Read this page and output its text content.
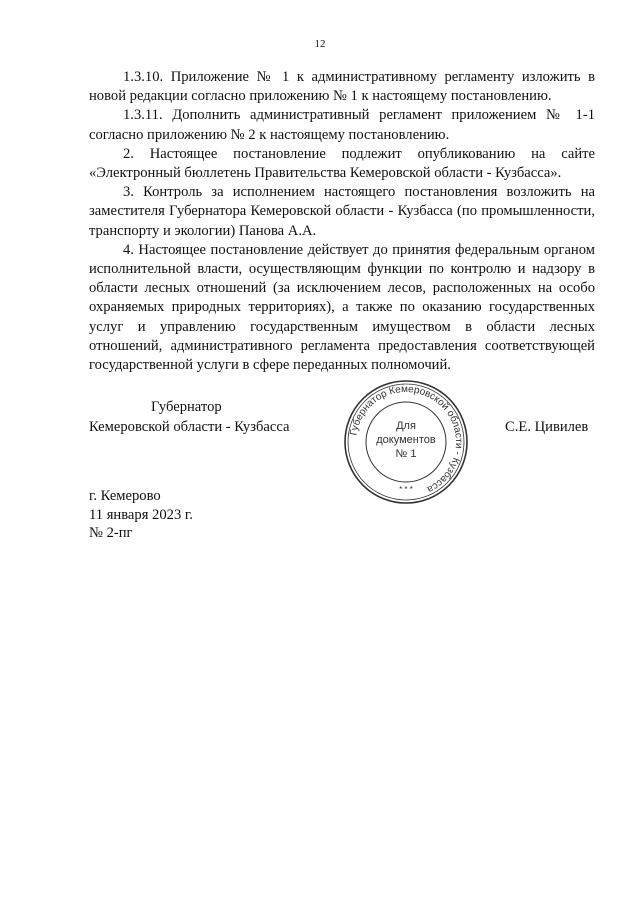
12

1.3.10. Приложение № 1 к административному регламенту изложить в новой редакции согласно приложению № 1 к настоящему постановлению.

1.3.11. Дополнить административный регламент приложением № 1-1 согласно приложению № 2 к настоящему постановлению.

2. Настоящее постановление подлежит опубликованию на сайте «Электронный бюллетень Правительства Кемеровской области - Кузбасса».

3. Контроль за исполнением настоящего постановления возложить на заместителя Губернатора Кемеровской области - Кузбасса (по промышленности, транспорту и экологии) Панова А.А.

4. Настоящее постановление действует до принятия федеральным органом исполнительной власти, осуществляющим функции по контролю и надзору в области лесных отношений (за исключением лесов, расположенных на особо охраняемых природных территориях), а также по оказанию государственных услуг и управлению государственным имуществом в области лесных отношений, административного регламента предоставления соответствующей государственной услуги в сфере переданных полномочий.

Губернатор
Кемеровской области - Кузбасса	Губернатор Кемеровской области - Кузбасса
Для
документов
№ 1
* * *
С.Е. Цивилев
г. Кемерово
11 января 2023 г.
№ 2-пг
